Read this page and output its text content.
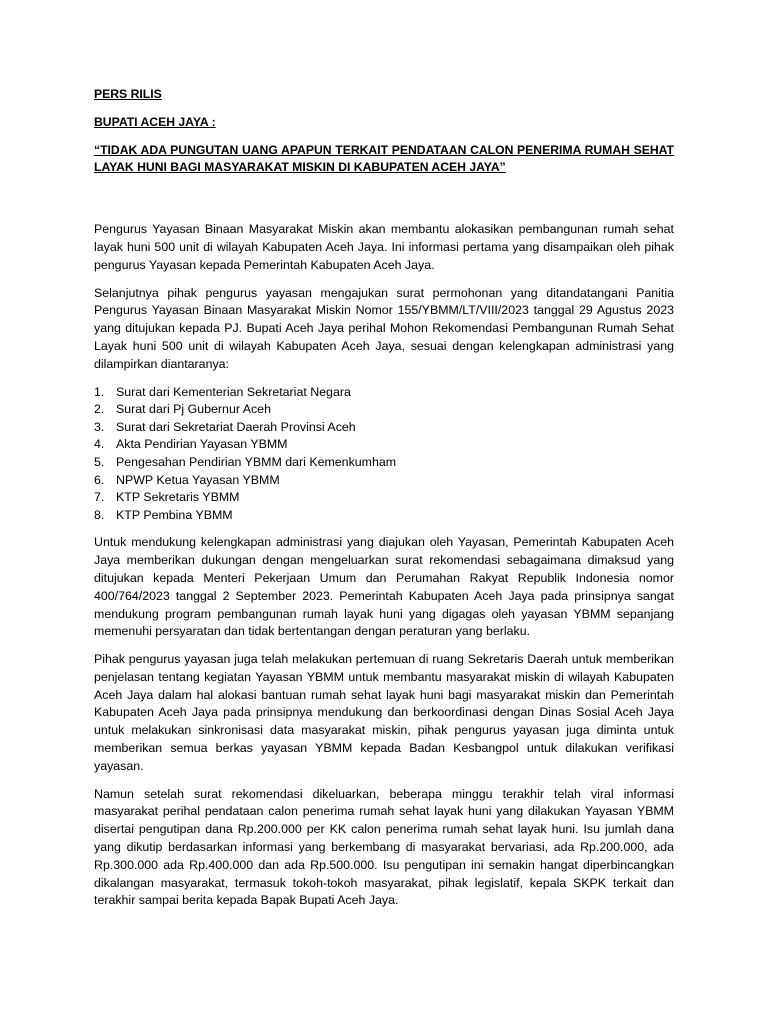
PERS RILIS

BUPATI ACEH JAYA :

“TIDAK ADA PUNGUTAN UANG APAPUN TERKAIT PENDATAAN CALON PENERIMA RUMAH SEHAT LAYAK HUNI BAGI MASYARAKAT MISKIN DI KABUPATEN ACEH JAYA”

Pengurus Yayasan Binaan Masyarakat Miskin akan membantu alokasikan pembangunan rumah sehat layak huni 500 unit di wilayah Kabupaten Aceh Jaya. Ini informasi pertama yang disampaikan oleh pihak pengurus Yayasan kepada Pemerintah Kabupaten Aceh Jaya.

Selanjutnya pihak pengurus yayasan mengajukan surat permohonan yang ditandatangani Panitia Pengurus Yayasan Binaan Masyarakat Miskin Nomor 155/YBMM/LT/VIII/2023 tanggal 29 Agustus 2023 yang ditujukan kepada PJ. Bupati Aceh Jaya perihal Mohon Rekomendasi Pembangunan Rumah Sehat Layak huni 500 unit di wilayah Kabupaten Aceh Jaya, sesuai dengan kelengkapan administrasi yang dilampirkan diantaranya:

1. Surat dari Kementerian Sekretariat Negara
2. Surat dari Pj Gubernur Aceh
3. Surat dari Sekretariat Daerah Provinsi Aceh
4. Akta Pendirian Yayasan YBMM
5. Pengesahan Pendirian YBMM dari Kemenkumham
6. NPWP Ketua Yayasan YBMM
7. KTP Sekretaris YBMM
8. KTP Pembina YBMM

Untuk mendukung kelengkapan administrasi yang diajukan oleh Yayasan, Pemerintah Kabupaten Aceh Jaya memberikan dukungan dengan mengeluarkan surat rekomendasi sebagaimana dimaksud yang ditujukan kepada Menteri Pekerjaan Umum dan Perumahan Rakyat Republik Indonesia nomor 400/764/2023 tanggal 2 September 2023. Pemerintah Kabupaten Aceh Jaya pada prinsipnya sangat mendukung program pembangunan rumah layak huni yang digagas oleh yayasan YBMM sepanjang memenuhi persyaratan dan tidak bertentangan dengan peraturan yang berlaku.

Pihak pengurus yayasan juga telah melakukan pertemuan di ruang Sekretaris Daerah untuk memberikan penjelasan tentang kegiatan Yayasan YBMM untuk membantu masyarakat miskin di wilayah Kabupaten Aceh Jaya dalam hal alokasi bantuan rumah sehat layak huni bagi masyarakat miskin dan Pemerintah Kabupaten Aceh Jaya pada prinsipnya mendukung dan berkoordinasi dengan Dinas Sosial Aceh Jaya untuk melakukan sinkronisasi data masyarakat miskin, pihak pengurus yayasan juga diminta untuk memberikan semua berkas yayasan YBMM kepada Badan Kesbangpol untuk dilakukan verifikasi yayasan.

Namun setelah surat rekomendasi dikeluarkan, beberapa minggu terakhir telah viral informasi masyarakat perihal pendataan calon penerima rumah sehat layak huni yang dilakukan Yayasan YBMM disertai pengutipan dana Rp.200.000 per KK calon penerima rumah sehat layak huni. Isu jumlah dana yang dikutip berdasarkan informasi yang berkembang di masyarakat bervariasi, ada Rp.200.000, ada Rp.300.000 ada Rp.400.000 dan ada Rp.500.000. Isu pengutipan ini semakin hangat diperbincangkan dikalangan masyarakat, termasuk tokoh-tokoh masyarakat, pihak legislatif, kepala SKPK terkait dan terakhir sampai berita kepada Bapak Bupati Aceh Jaya.
